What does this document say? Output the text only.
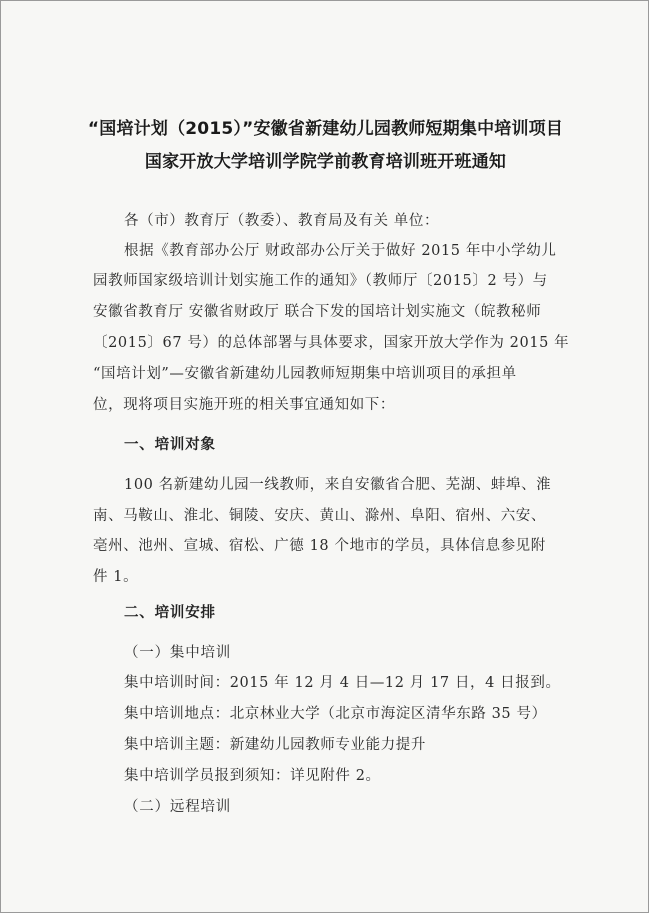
“国培计划（2015）”安徽省新建幼儿园教师短期集中培训项目
国家开放大学培训学院学前教育培训班开班通知
各（市）教育厅（教委）、教育局及有关 单位：
根据《教育部办公厅 财政部办公厅关于做好 2015 年中小学幼儿
园教师国家级培训计划实施工作的通知》（教师厅〔2015〕2 号）与
安徽省教育厅 安徽省财政厅 联合下发的国培计划实施文（皖教秘师
〔2015〕67 号）的总体部署与具体要求，国家开放大学作为 2015 年
“国培计划”—安徽省新建幼儿园教师短期集中培训项目的承担单
位，现将项目实施开班的相关事宜通知如下：
一、培训对象
100 名新建幼儿园一线教师，来自安徽省合肥、芜湖、蚌埠、淮
南、马鞍山、淮北、铜陵、安庆、黄山、滁州、阜阳、宿州、六安、
亳州、池州、宣城、宿松、广德 18 个地市的学员，具体信息参见附
件 1。
二、培训安排
（一）集中培训
集中培训时间：2015 年 12 月 4 日—12 月 17 日，4 日报到。
集中培训地点：北京林业大学（北京市海淀区清华东路 35 号）
集中培训主题：新建幼儿园教师专业能力提升
集中培训学员报到须知：详见附件 2。
（二）远程培训
